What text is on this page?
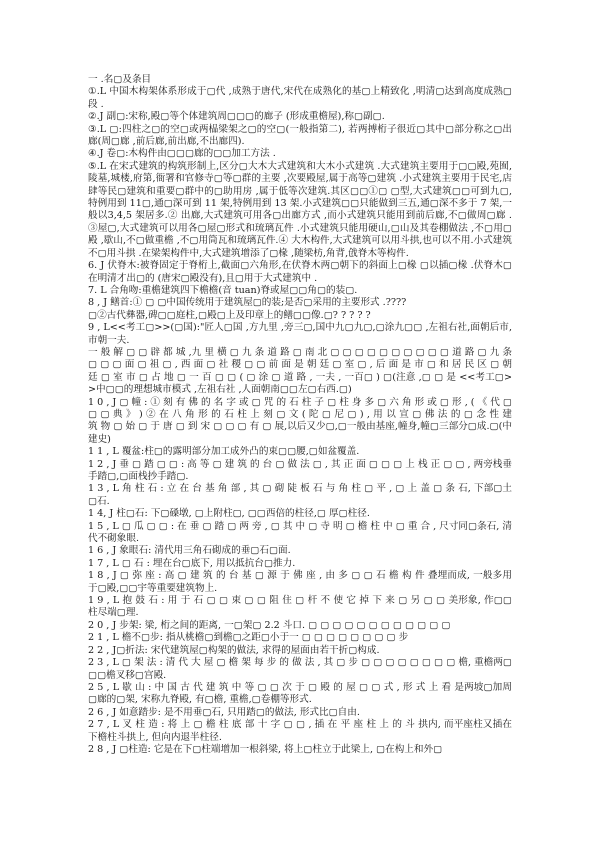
一 .名▢及条目

①.L 中国木构架体系形成于▢代 ,成熟于唐代,宋代在成熟化的基▢上精致化 ,明清▢达到高度成熟▢段 .

②.J 副▢:宋称,殿▢等个体建筑周▢▢▢的廊子 (形成重檐屋),称▢副▢.

③.L ▢:四柱之▢的空▢或两榀梁架之▢的空▢(一般指第二), 若两搏桁子很近▢其中▢部分称之▢出廊(周▢廊 ,前后廊,前出廊,不出廊四).

④.J 卷▢:木构件由▢▢▢廊的▢▢加工方法 .

⑤.L 在宋式建筑的构筑形制上,区分▢大木大式建筑和大木小式建筑 .大式建筑主要用于▢▢殿,苑囿,陵墓,城楼,府第,衙署和官修寺▢等▢群的主要 ,次要殿屋,属于高等▢建筑 .小式建筑主要用于民宅,店肆等民▢建筑和重要▢群中的▢助用房 ,属于低等次建筑.其区▢▢①▢ ▢型,大式建筑▢▢可到九▢,特例用到 11▢,通▢深可到 11 架,特例用到 13 架.小式建筑▢▢只能做到三五,通▢深不多于 7 架,一般以3,4,5 架居多.② 出廊,大式建筑可用各▢出廊方式 ,而小式建筑只能用到前后廊,不▢做周▢廊 .③屋▢,大式建筑可以用各▢屋▢形式和琉璃瓦件 .小式建筑只能用硬山,▢山及其卷棚做法 ,不▢用▢殿 ,歇山,不▢做重檐 ,不▢用筒瓦和琉璃瓦件.④ 大木构件,大式建筑可以用斗拱,也可以不用.小式建筑不▢用斗拱 .在梁架构件中,大式建筑增添了▢椽 ,随梁枋,角背,戗脊木等构件.

6. J 伏脊木:被脊固定于脊桁上,截面▢六角形,在伏脊木两▢朝下的斜面上▢椽 ▢以插▢椽 .伏脊木▢在明清才出▢的 (唐宋▢殿没有),且▢用于大式建筑中 .

7. L 合角吻:重檐建筑四下檐檐(音 tuan)脊或屋▢▢角▢的装▢.

8 , J 鳝首:① ▢ ▢中国传统用于建筑屋▢的装;是否▢采用的主要形式 .????

▢②古代彝器,碑▢▢庭柱,▢殿▢上及印章上的鳝▢▢像.▢? ? ? ? ?

9 , L<<考工▢>>(▢国):"匠人▢国 ,方九里 ,旁三▢,国中九▢九▢,▢涂九▢▢ ,左祖右社,面朝后市,市朝一夫.

一 般 解 ▢ ▢ 辟 都 城 ,九 里 横 ▢ 九 条 道 路 ▢ 南 北 ▢ ▢ ▢ ▢ ▢ ▢ ▢ ▢ ▢ ▢ 道 路 ▢ 九 条 ▢ ▢ ▢ 面 ▢ 祖 ▢ , 西 面 ▢ 社 稷 ▢ ▢ 前 面 是 朝 廷 ▢ 室 ▢ , 后 面 是 市 ▢ 和 居 民 区 ▢ 朝 廷 ▢ 室 市 ▢ 占 地 ▢ 一 百 ▢ ▢ ( ▢ 涂 ▢ 道 路 , 一夫 , 一百▢ ) ▢(注意 ,▢ ▢ 是 <<考工▢>>中▢▢的理想城市模式 ,左祖右社 ,人面朝南▢▢左▢右西.▢)

1 0 , J ▢ 幢 : ① 刻 有 佛 的 名 字 或 ▢ 咒 的 石 柱 子 ▢ 柱 身 多 ▢ 六 角 形 或 ▢ 形 , ( 《 代 ▢ ▢ ▢ 典 》 ) ② 在 八 角 形 的 石 柱 上 刻 ▢ 文 ( 陀 ▢ 尼 ▢ ) , 用 以 宣 ▢ 佛 法 的 ▢ 念 性 建 筑 物 ▢ 始 ▢ 于 唐 ▢ 到 宋 ▢ ▢ ▢ 有 ▢ 展,以后又少▢,▢一般由基座,幢身,幢▢三部分▢成.▢(中建史)

1 1 , L 覆盆:柱▢的露明部分加工成外凸的束▢▢腰,▢如盆覆盖.

1 2 , J 垂 ▢ 踏 ▢ ▢ : 高 等 ▢ 建 筑 的 台 ▢ 做 法 ▢ , 其 正 面 ▢ ▢ ▢ 上 栈 正 ▢ ▢ , 两旁栈垂手踏▢,▢面栈抄手踏▢.

1 3 , L 角 柱 石 : 立 在 台 基 角 部 , 其 ▢ 砌 陡 板 石 与 角 柱 ▢ 平 , ▢ 上 盖 ▢ 条 石, 下部▢土▢石.

1 4, J 柱▢石: 下▢磉墩, ▢上附柱▢, ▢▢西倍的柱径,▢ 厚▢柱径.

1 5 , L ▢ 瓜 ▢ ▢ : 在 垂 ▢ 踏 ▢ 两 旁 , ▢ 其 中 ▢ 寺 明 ▢ 檐 柱 中 ▢ 重 合 , 尺寸同▢条石, 清代不砌象眼.

1 6 , J 象眼石: 清代用三角石砌成的垂▢石▢面.

1 7 , L ▢ 石 : 埋在台▢底下, 用以抵抗台▢推力.

1 8 , J ▢ 弥 座 : 高 ▢ 建 筑 的 台 基 ▢ 源 于 佛 座 , 由 多 ▢ ▢ 石 檐 构 件 叠埋而成, 一般多用于▢殿,▢▢宇等重要建筑物上.

1 9 , L 抱 鼓 石 : 用 于 石 ▢ ▢ 束 ▢ ▢ 阻 住 ▢ 杆 不 使 它 掉 下 来 ▢ 另 ▢ ▢ 美形象, 作▢▢柱尽端▢理.

2 0 , J 步架: 梁, 桁之间的距离, 一▢架▢ 2.2 斗口. ▢ ▢ ▢ ▢ ▢ ▢ ▢ ▢ ▢ ▢ ▢ ▢

2 1 , L 檐不▢步: 指从桃檐▢到檐▢之距▢小于一 ▢ ▢ ▢ ▢ ▢ ▢ ▢ ▢ 步

2 2 , J▢折法: 宋代建筑屋▢构架的做法, 求得的屋面由若干折▢构成.

2 3 , L ▢ 架 法 : 清 代 大 屋 ▢ 檐 架 每 步 的 做 法 , 其 ▢ 步 ▢ ▢ ▢ ▢ ▢ ▢ ▢ ▢ 檐, 重檐两▢▢▢檐叉移▢宫殿.

2 5 , L 歇 山 : 中 国 古 代 建 筑 中 等 ▢ ▢ 次 于 ▢ 殿 的 屋 ▢ ▢ 式 , 形 式 上 看 是两坡▢加周▢廊的▢架, 宋称九脊殿, 有▢檐, 重檐,▢卷棚等形式.

2 6 , J 如意踏步: 是不用垂▢石, 只用踏▢的做法, 形式比▢自由.

2 7 , L 叉 柱 造 : 将 上 ▢ 檐 柱 底 部 十 字 ▢ ▢ , 插 在 平 座 柱 上 的 斗 拱内, 而平座柱又插在下檐柱斗拱上, 但向内退半柱径.

2 8 , J ▢柱造: 它是在下▢柱端增加一根斜梁, 将上▢柱立于此梁上, ▢在构上和外▢
